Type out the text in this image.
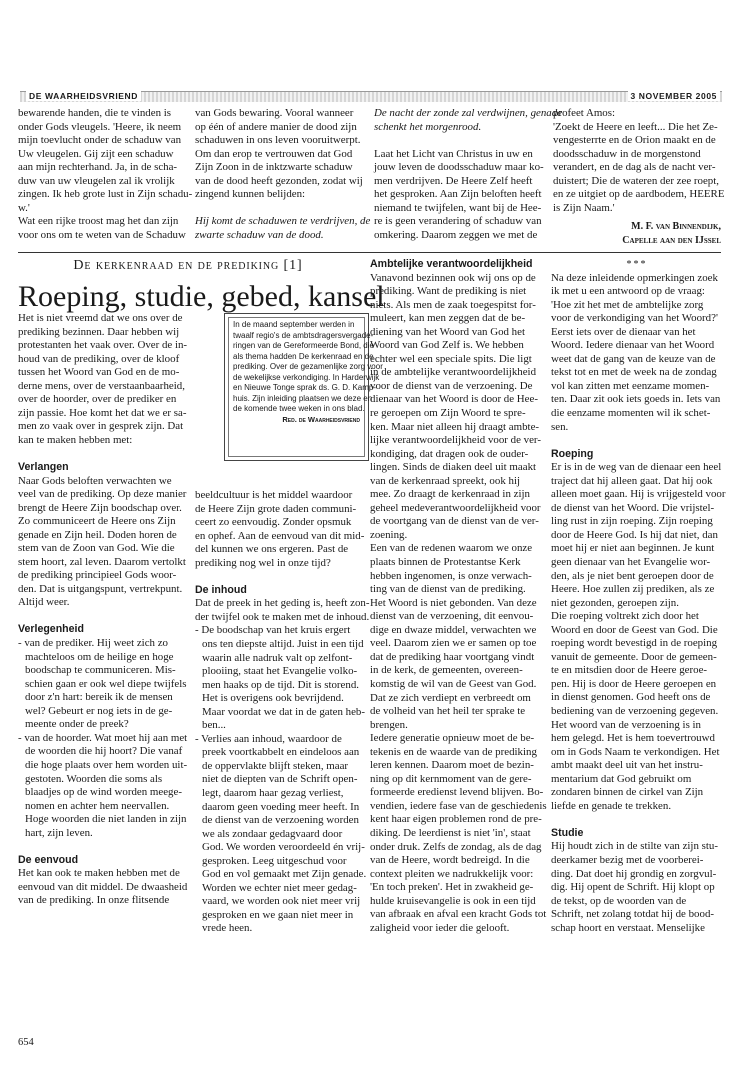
DE WAARHEIDSVRIEND	3 NOVEMBER 2005
bewarende handen, die te vinden is
onder Gods vleugels. 'Heere, ik neem
mijn toevlucht onder de schaduw van
Uw vleugelen. Gij zijt een schaduw
aan mijn rechterhand. Ja, in de scha-
duw van uw vleugelen zal ik vrolijk
zingen. Ik heb grote lust in Zijn schadu-
w.'
Wat een rijke troost mag het dan zijn
voor ons om te weten van de Schaduw
van Gods bewaring. Vooral wanneer
op één of andere manier de dood zijn
schaduwen in ons leven vooruitwerpt.
Om dan erop te vertrouwen dat God
Zijn Zoon in de inktzwarte schaduw
van de dood heeft gezonden, zodat wij
zingend kunnen belijden:
Hij komt de schaduwen te verdrijven, de
zwarte schaduw van de dood.
De nacht der zonde zal verdwijnen, genade
schenkt het morgenrood.
Laat het Licht van Christus in uw en
jouw leven de doodsschaduw maar ko-
men verdrijven. De Heere Zelf heeft
het gesproken. Aan Zijn beloften heeft
niemand te twijfelen, want bij de Hee-
re is geen verandering of schaduw van
omkering. Daarom zeggen we met de
profeet Amos:
'Zoekt de Heere en leeft... Die het Ze-
vengesterrte en de Orion maakt en de
doodsschaduw in de morgenstond
verandert, en de dag als de nacht ver-
duistert; Die de wateren der zee roept,
en ze uitgiet op de aardbodem, HEERE
is Zijn Naam.'
M. F. van Binnendijk,
Capelle aan den IJssel
De kerkenraad en de prediking [1]
Roeping, studie, gebed, kansel
Het is niet vreemd dat we ons over de
prediking bezinnen. Daar hebben wij
protestanten het vaak over. Over de in-
houd van de prediking, over de kloof
tussen het Woord van God en de mo-
derne mens, over de verstaanbaarheid,
over de hoorder, over de prediker en
zijn passie. Hoe komt het dat we er sa-
men zo vaak over in gesprek zijn. Dat
kan te maken hebben met:
Verlangen
Naar Gods beloften verwachten we
veel van de prediking. Op deze manier
brengt de Heere Zijn boodschap over.
Zo communiceert de Heere ons Zijn
genade en Zijn heil. Doden horen de
stem van de Zoon van God. Wie die
stem hoort, zal leven. Daarom vertolkt
de prediking principieel Gods woor-
den. Dat is uitgangspunt, vertrekpunt.
Altijd weer.
Verlegenheid
- van de prediker. Hij weet zich zo
machteloos om de heilige en hoge
boodschap te communiceren. Mis-
schien gaan er ook wel diepe twijfels
door z'n hart: bereik ik de mensen
wel? Gebeurt er nog iets in de ge-
meente onder de preek?
- van de hoorder. Wat moet hij aan met
de woorden die hij hoort? Die vanaf
die hoge plaats over hem worden uit-
gestoten. Woorden die soms als
blaadjes op de wind worden meege-
nomen en achter hem neervallen.
Hoge woorden die niet landen in zijn
hart, zijn leven.
De eenvoud
Het kan ook te maken hebben met de
eenvoud van dit middel. De dwaasheid
van de prediking. In onze flitsende
In de maand september werden in
twaalf regio's de ambtsdragersvergade-
ringen van de Gereformeerde Bond, die
als thema hadden De kerkenraad en de
prediking. Over de gezamenlijke zorg voor
de wekelijkse verkondiging. In Harderwijk
en Nieuwe Tonge sprak ds. G. D. Kamp-
huis. Zijn inleiding plaatsen we deze en
de komende twee weken in ons blad.
Red. de Waarheidsvriend
beeldcultuur is het middel waardoor
de Heere Zijn grote daden communi-
ceert zo eenvoudig. Zonder opsmuk
en ophef. Aan de eenvoud van dit mid-
del kunnen we ons ergeren. Past de
prediking nog wel in onze tijd?
De inhoud
Dat de preek in het geding is, heeft zon-
der twijfel ook te maken met de inhoud.
- De boodschap van het kruis ergert
ons ten diepste altijd. Juist in een tijd
waarin alle nadruk valt op zelfont-
plooiing, staat het Evangelie volko-
men haaks op de tijd. Dit is storend.
Het is overigens ook bevrijdend.
Maar voordat we dat in de gaten heb-
ben...
- Verlies aan inhoud, waardoor de
preek voortkabbelt en eindeloos aan
de oppervlakte blijft steken, maar
niet de diepten van de Schrift open-
legt, daarom haar gezag verliest,
daarom geen voeding meer heeft. In
de dienst van de verzoening worden
we als zondaar gedagvaard door
God. We worden veroordeeld én vrij-
gesproken. Leeg uitgeschud voor
God en vol gemaakt met Zijn genade.
Worden we echter niet meer gedag-
vaard, we worden ook niet meer vrij
gesproken en we gaan niet meer in
vrede heen.
Ambtelijke verantwoordelijkheid
Vanavond bezinnen ook wij ons op de
prediking. Want de prediking is niet
niets. Als men de zaak toegespitst for-
muleert, kan men zeggen dat de be-
diening van het Woord van God het
Woord van God Zelf is. We hebben
echter wel een speciale spits. Die ligt
in de ambtelijke verantwoordelijkheid
voor de dienst van de verzoening. De
dienaar van het Woord is door de Hee-
re geroepen om Zijn Woord te spre-
ken. Maar niet alleen hij draagt ambte-
lijke verantwoordelijkheid voor de ver-
kondiging, dat dragen ook de ouder-
lingen. Sinds de diaken deel uit maakt
van de kerkenraad spreekt, ook hij
mee. Zo draagt de kerkenraad in zijn
geheel medeverantwoordelijkheid voor
de voortgang van de dienst van de ver-
zoening.
Een van de redenen waarom we onze
plaats binnen de Protestantse Kerk
hebben ingenomen, is onze verwach-
ting van de dienst van de prediking.
Het Woord is niet gebonden. Van deze
dienst van de verzoening, dit eenvou-
dige en dwaze middel, verwachten we
veel. Daarom zien we er samen op toe
dat de prediking haar voortgang vindt
in de kerk, de gemeenten, overeen-
komstig de wil van de Geest van God.
Dat ze zich verdiept en verbreedt om
de volheid van het heil ter sprake te
brengen.
Iedere generatie opnieuw moet de be-
tekenis en de waarde van de prediking
leren kennen. Daarom moet de bezin-
ning op dit kernmoment van de gere-
formeerde eredienst levend blijven. Bo-
vendien, iedere fase van de geschiedenis
kent haar eigen problemen rond de pre-
diking. De leerdienst is niet 'in', staat
onder druk. Zelfs de zondag, als de dag
van de Heere, wordt bedreigd. In die
context pleiten we nadrukkelijk voor:
'En toch preken'. Het in zwakheid ge-
hulde kruisevangelie is ook in een tijd
van afbraak en afval een kracht Gods tot
zaligheid voor ieder die gelooft.
***
Na deze inleidende opmerkingen zoek
ik met u een antwoord op de vraag:
'Hoe zit het met de ambtelijke zorg
voor de verkondiging van het Woord?'
Eerst iets over de dienaar van het
Woord. Iedere dienaar van het Woord
weet dat de gang van de keuze van de
tekst tot en met de week na de zondag
vol kan zitten met eenzame momen-
ten. Daar zit ook iets goeds in. Iets van
die eenzame momenten wil ik schet-
sen.
Roeping
Er is in de weg van de dienaar een heel
traject dat hij alleen gaat. Dat hij ook
alleen moet gaan. Hij is vrijgesteld voor
de dienst van het Woord. Die vrijstel-
ling rust in zijn roeping. Zijn roeping
door de Heere God. Is hij dat niet, dan
moet hij er niet aan beginnen. Je kunt
geen dienaar van het Evangelie wor-
den, als je niet bent geroepen door de
Heere. Hoe zullen zij prediken, als ze
niet gezonden, geroepen zijn.
Die roeping voltrekt zich door het
Woord en door de Geest van God. Die
roeping wordt bevestigd in de roeping
vanuit de gemeente. Door de gemeen-
te en mitsdien door de Heere geroe-
pen. Hij is door de Heere geroepen en
in dienst genomen. God heeft ons de
bediening van de verzoening gegeven.
Het woord van de verzoening is in
hem gelegd. Het is hem toevertrouwd
om in Gods Naam te verkondigen. Het
ambt maakt deel uit van het instru-
mentarium dat God gebruikt om
zondaren binnen de cirkel van Zijn
liefde en genade te trekken.
Studie
Hij houdt zich in de stilte van zijn stu-
deerkamer bezig met de voorberei-
ding. Dat doet hij grondig en zorgvul-
dig. Hij opent de Schrift. Hij klopt op
de tekst, op de woorden van de
Schrift, net zolang totdat hij de bood-
schap hoort en verstaat. Menselijke
654
